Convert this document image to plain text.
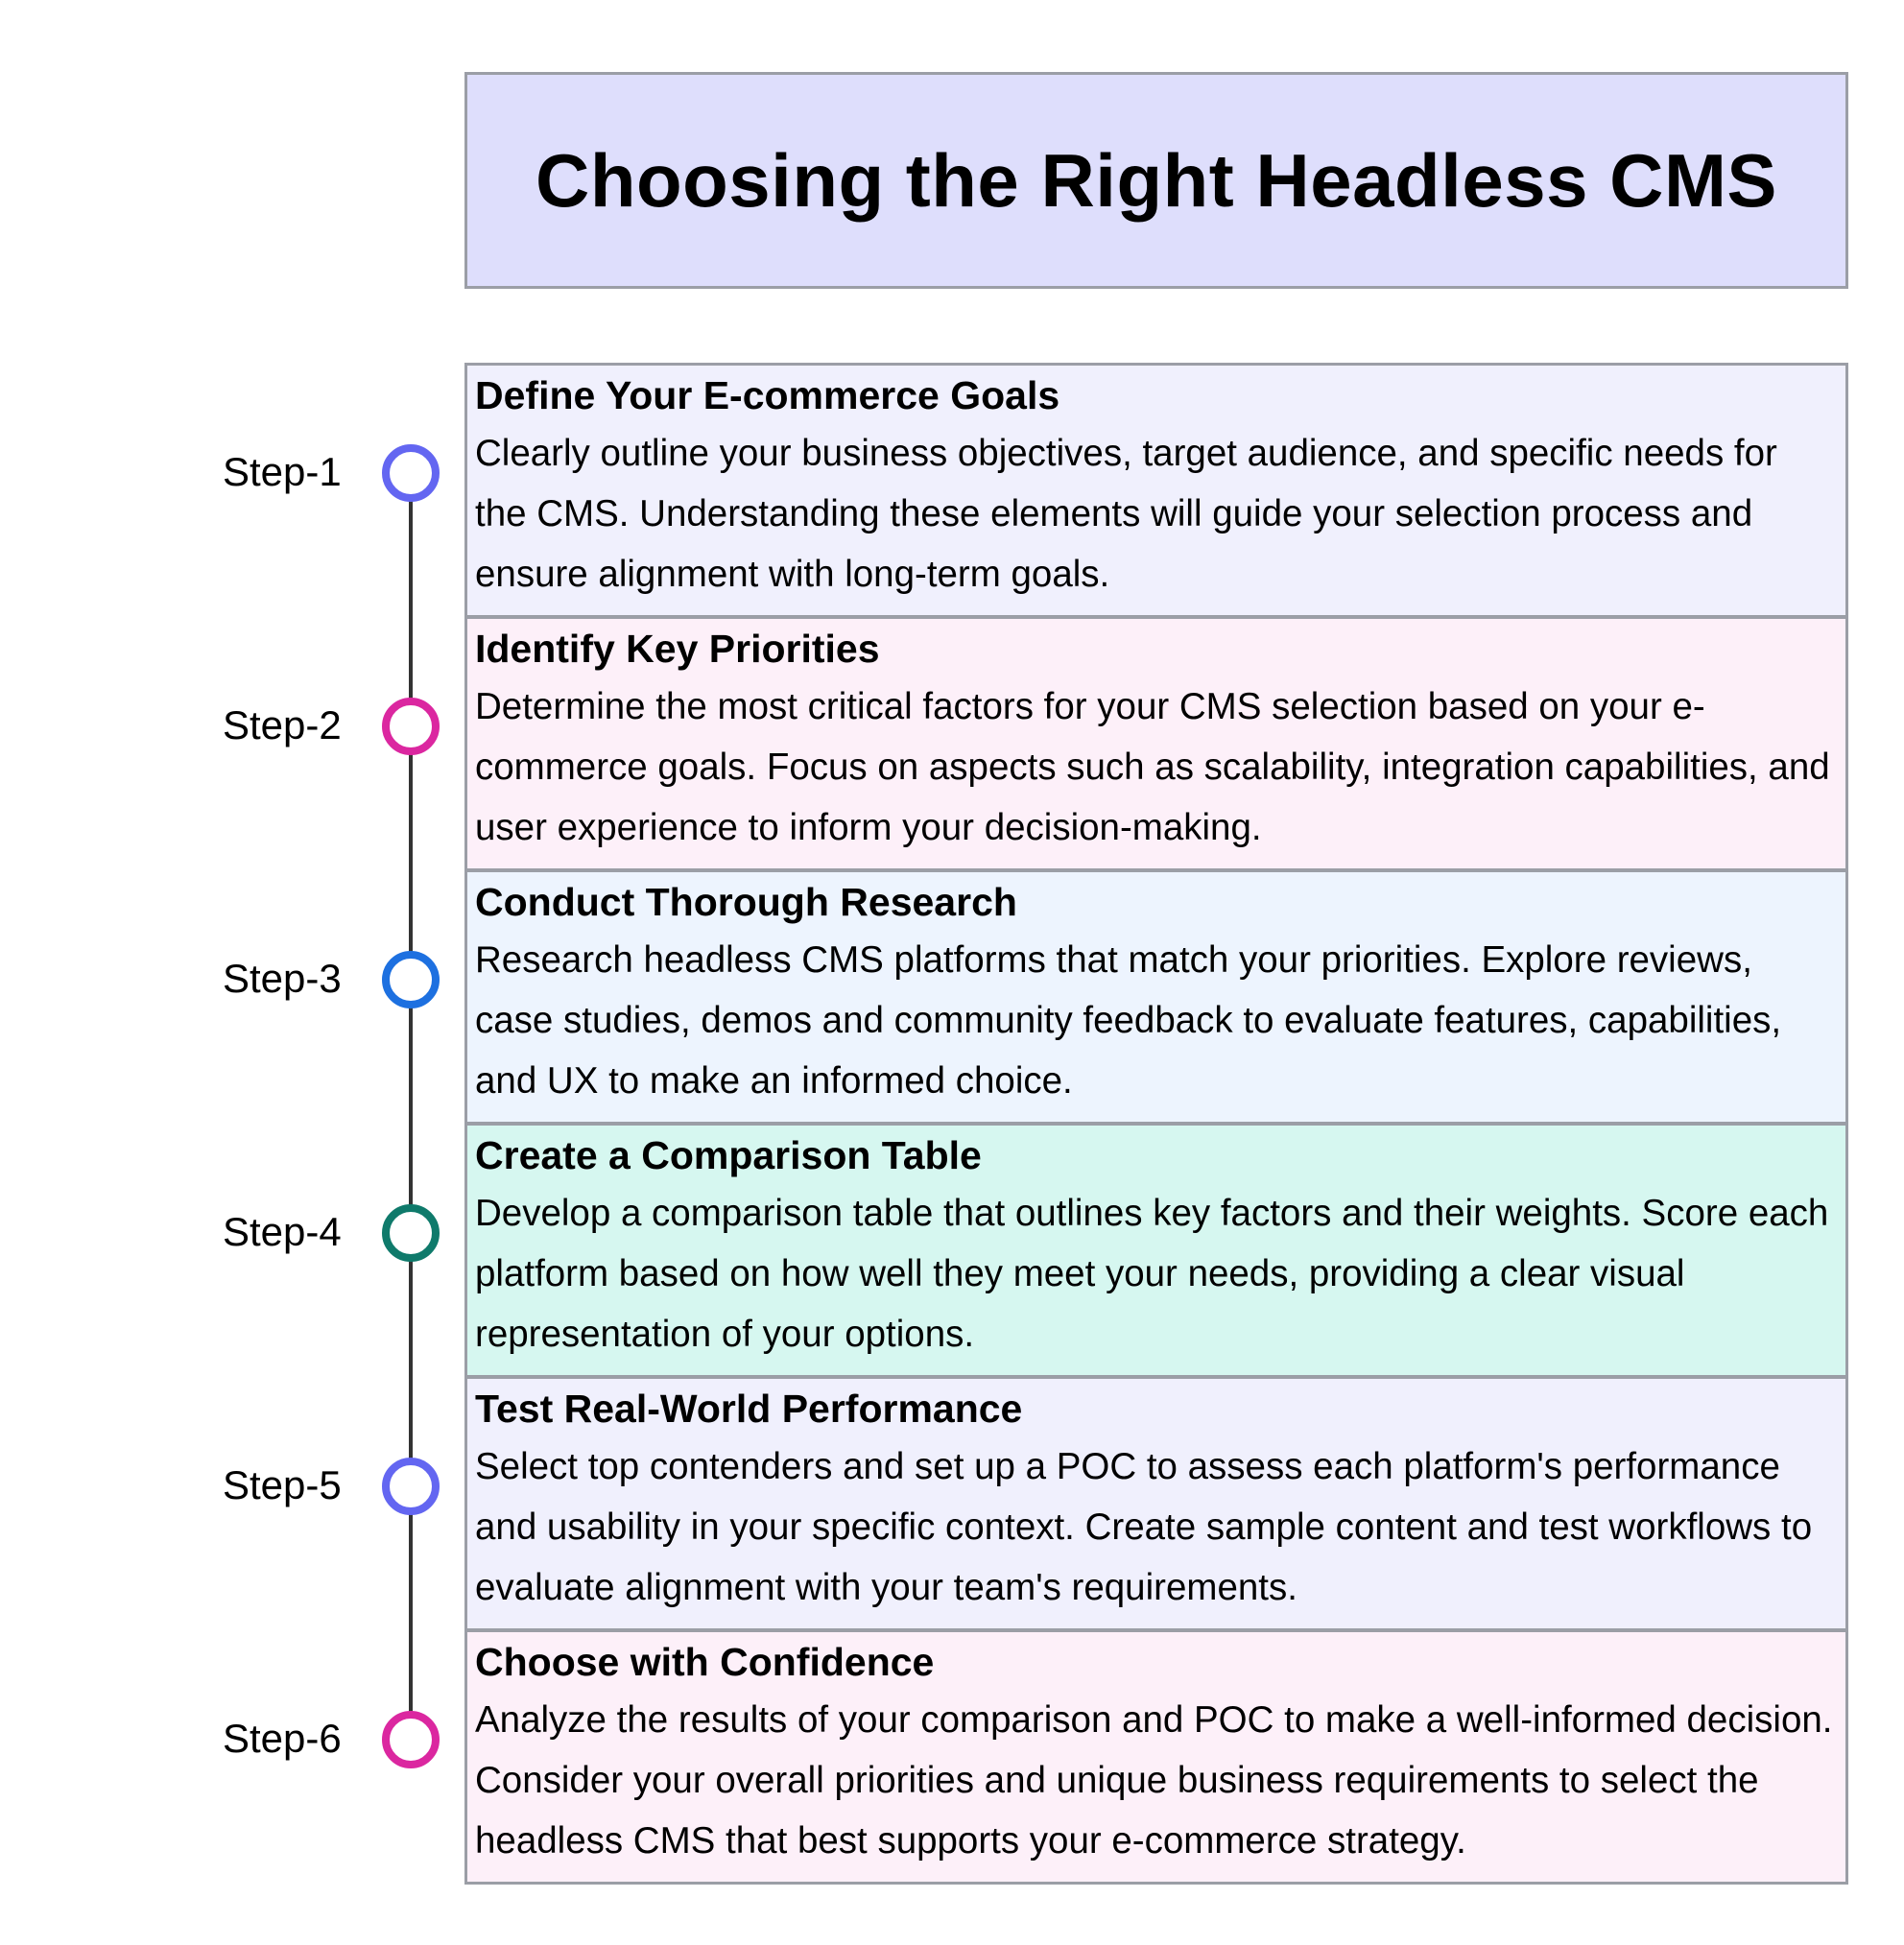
Choosing the Right Headless CMS
Step-1
Define Your E-commerce Goals
Clearly outline your business objectives, target audience, and specific needs for the CMS. Understanding these elements will guide your selection process and ensure alignment with long-term goals.
Step-2
Identify Key Priorities
Determine the most critical factors for your CMS selection based on your e-commerce goals. Focus on aspects such as scalability, integration capabilities, and user experience to inform your decision-making.
Step-3
Conduct Thorough Research
Research headless CMS platforms that match your priorities. Explore reviews, case studies, demos and community feedback to evaluate features, capabilities, and UX to make an informed choice.
Step-4
Create a Comparison Table
Develop a comparison table that outlines key factors and their weights. Score each platform based on how well they meet your needs, providing a clear visual representation of your options.
Step-5
Test Real-World Performance
Select top contenders and set up a POC to assess each platform's performance and usability in your specific context. Create sample content and test workflows to evaluate alignment with your team's requirements.
Step-6
Choose with Confidence
Analyze the results of your comparison and POC to make a well-informed decision. Consider your overall priorities and unique business requirements to select the headless CMS that best supports your e-commerce strategy.
